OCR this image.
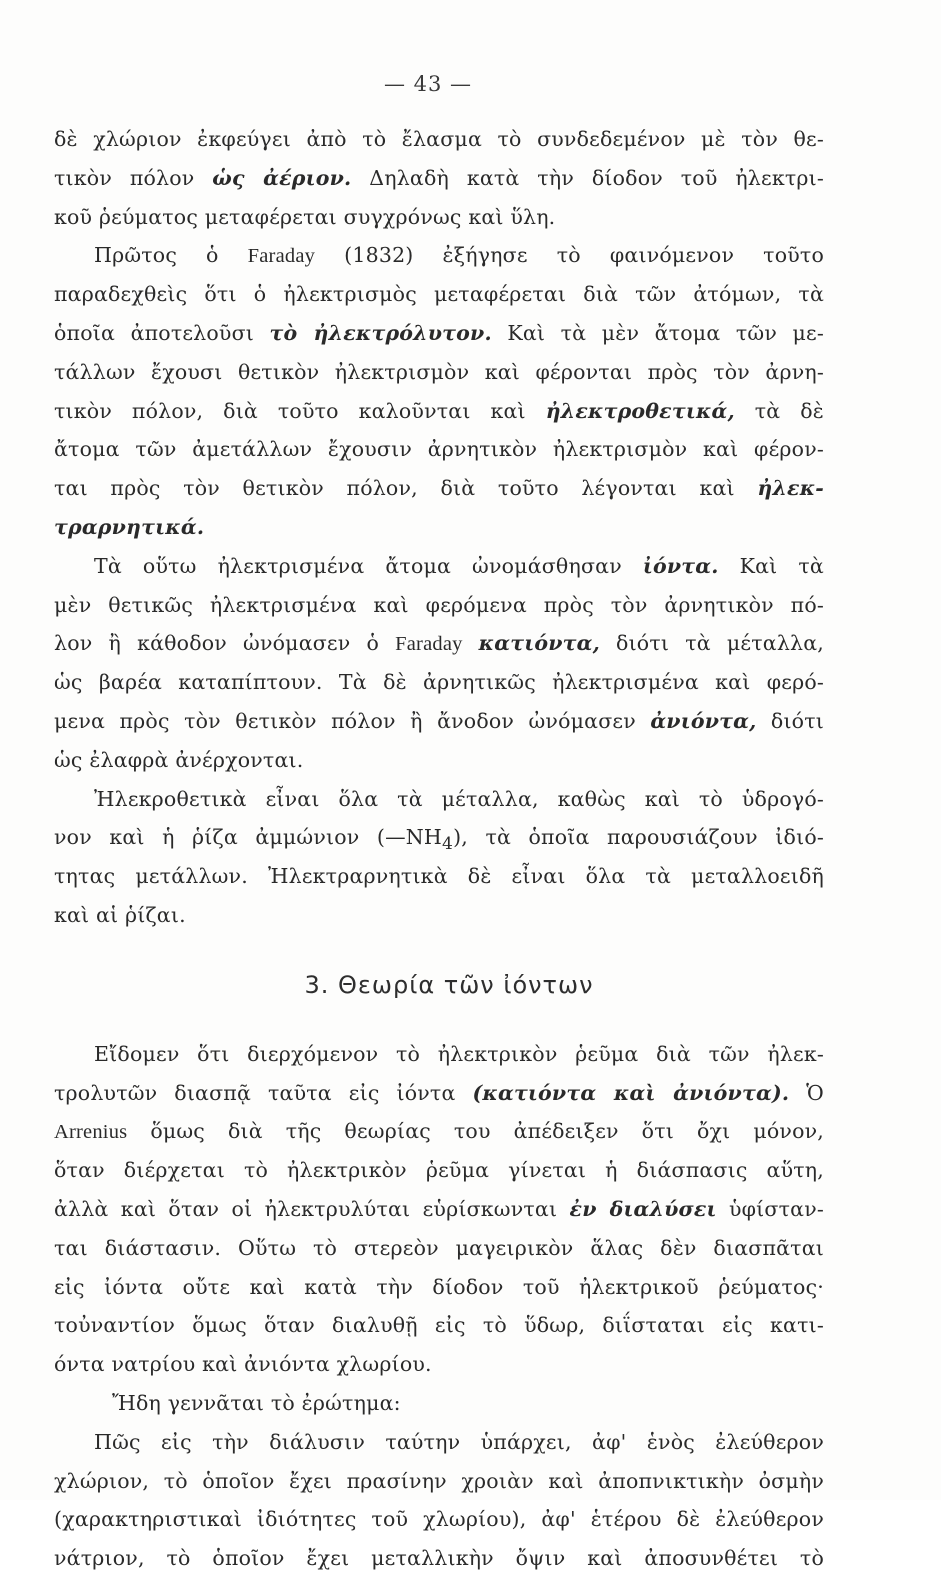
— 43 —
δὲ χλώριον ἐκφεύγει ἀπὸ τὸ ἔλασμα τὸ συνδεδεμένον μὲ τὸν θε-
τικὸν πόλον ὡς ἀέριον. Δηλαδὴ κατὰ τὴν δίοδον τοῦ ἠλεκτρι-
κοῦ ῥεύματος μεταφέρεται συγχρόνως καὶ ὕλη.
Πρῶτος ὁ Faraday (1832) ἐξήγησε τὸ φαινόμενον τοῦτο
παραδεχθεὶς ὅτι ὁ ἠλεκτρισμὸς μεταφέρεται διὰ τῶν ἀτόμων, τὰ
ὁποῖα ἀποτελοῦσι τὸ ἠλεκτρόλυτον. Καὶ τὰ μὲν ἄτομα τῶν με-
τάλλων ἔχουσι θετικὸν ἠλεκτρισμὸν καὶ φέρονται πρὸς τὸν ἀρνη-
τικὸν πόλον, διὰ τοῦτο καλοῦνται καὶ ἠλεκτροθετικά, τὰ δὲ
ἄτομα τῶν ἀμετάλλων ἔχουσιν ἀρνητικὸν ἠλεκτρισμὸν καὶ φέρον-
ται πρὸς τὸν θετικὸν πόλον, διὰ τοῦτο λέγονται καὶ ἠλεκ-
τραρνητικά.
Τὰ οὕτω ἠλεκτρισμένα ἄτομα ὠνομάσθησαν ἰόντα. Καὶ τὰ
μὲν θετικῶς ἠλεκτρισμένα καὶ φερόμενα πρὸς τὸν ἀρνητικὸν πό-
λον ἢ κάθοδον ὠνόμασεν ὁ Faraday κατιόντα, διότι τὰ μέταλλα,
ὡς βαρέα καταπίπτουν. Τὰ δὲ ἀρνητικῶς ἠλεκτρισμένα καὶ φερό-
μενα πρὸς τὸν θετικὸν πόλον ἢ ἄνοδον ὠνόμασεν ἀνιόντα, διότι
ὡς ἐλαφρὰ ἀνέρχονται.
Ἠλεκροθετικὰ εἶναι ὅλα τὰ μέταλλα, καθὼς καὶ τὸ ὑδρογό-
νον καὶ ἡ ῥίζα ἀμμώνιον $(—NH_4)$, τὰ ὁποῖα παρουσιάζουν ἰδιό-
τητας μετάλλων. Ἠλεκτραρνητικὰ δὲ εἶναι ὅλα τὰ μεταλλοειδῆ
καὶ αἱ ῥίζαι.
3. Θεωρία τῶν ἰόντων
Εἴδομεν ὅτι διερχόμενον τὸ ἠλεκτρικὸν ῥεῦμα διὰ τῶν ἠλεκ-
τρολυτῶν διασπᾷ ταῦτα εἰς ἰόντα (κατιόντα καὶ ἀνιόντα). Ὁ
Arrenius ὅμως διὰ τῆς θεωρίας του ἀπέδειξεν ὅτι ὄχι μόνον,
ὅταν διέρχεται τὸ ἠλεκτρικὸν ῥεῦμα γίνεται ἡ διάσπασις αὕτη,
ἀλλὰ καὶ ὅταν οἱ ἠλεκτρυλύται εὑρίσκωνται ἐν διαλύσει ὑφίσταν-
ται διάστασιν. Οὕτω τὸ στερεὸν μαγειρικὸν ἅλας δὲν διασπᾶται
εἰς ἰόντα οὔτε καὶ κατὰ τὴν δίοδον τοῦ ἠλεκτρικοῦ ῥεύματος·
τοὐναντίον ὅμως ὅταν διαλυθῇ εἰς τὸ ὕδωρ, διΐσταται εἰς κατι-
όντα νατρίου καὶ ἀνιόντα χλωρίου.
Ἤδη γεννᾶται τὸ ἐρώτημα:
Πῶς εἰς τὴν διάλυσιν ταύτην ὑπάρχει, ἀφ' ἑνὸς ἐλεύθερον
χλώριον, τὸ ὁποῖον ἔχει πρασίνην χροιὰν καὶ ἀποπνικτικὴν ὀσμὴν
(χαρακτηριστικαὶ ἰδιότητες τοῦ χλωρίου), ἀφ' ἑτέρου δὲ ἐλεύθερον
νάτριον, τὸ ὁποῖον ἔχει μεταλλικὴν ὄψιν καὶ ἀποσυνθέτει τὸ
